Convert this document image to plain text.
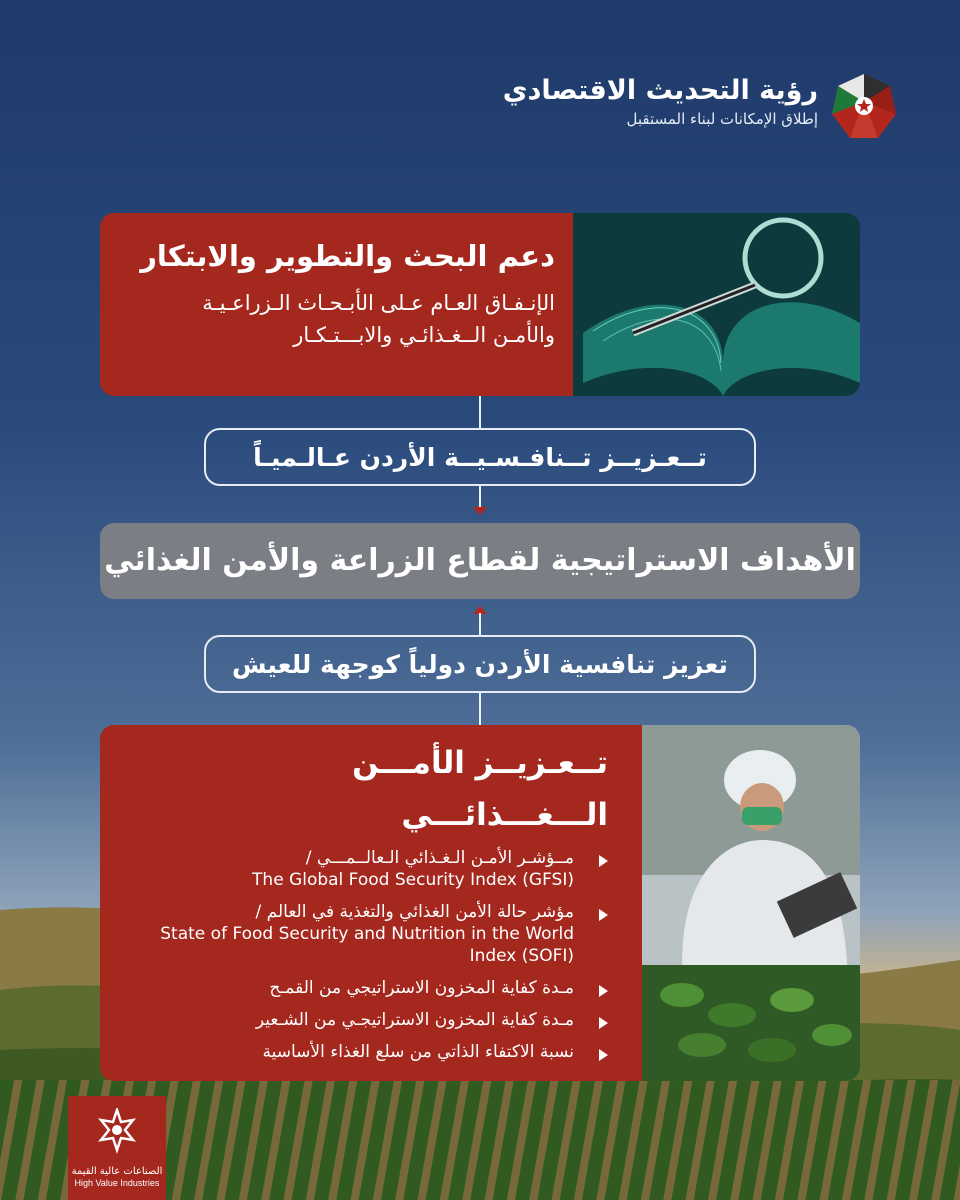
رؤية التحديث الاقتصادي
إطلاق الإمكانات لبناء المستقبل
دعم البحث والتطوير والابتكار
الإنـفـاق العـام عـلى الأبـحـاث الـزراعـيـة
والأمـن الــغـذائـي والابـــتـكـار
تــعـزيــز تــنافـسـيــة الأردن عـالـميـاً
الأهداف الاستراتيجية لقطاع الزراعة والأمن الغذائي
تعزيز تنافسية الأردن دولياً كوجهة للعيش
تــعـزيــز الأمـــن الـــغـــذائـــي
مــؤشـر الأمـن الـغـذائي الـعالــمـــي /
The Global Food Security Index (GFSI)
مؤشر حالة الأمن الغذائي والتغذية في العالم /
State of Food Security and Nutrition in the World Index (SOFI)
مـدة كفاية المخزون الاستراتيجي من القمـح
مـدة كفاية المخزون الاستراتيجـي من الشـعير
نسبة الاكتفاء الذاتي من سلع الغذاء الأساسية
الصناعات عالية القيمة
High Value Industries
